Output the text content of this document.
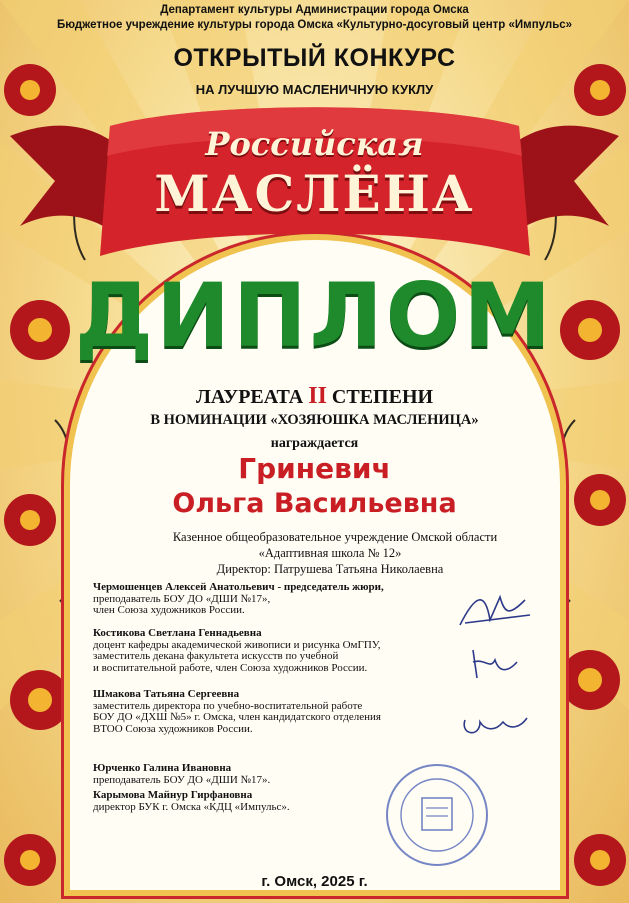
Департамент культуры Администрации города Омска
Бюджетное учреждение культуры города Омска «Культурно-досуговый центр «Импульс»
ОТКРЫТЫЙ КОНКУРС
НА ЛУЧШУЮ МАСЛЕНИЧНУЮ КУКЛУ
Российская
МАСЛЁНА
ДИПЛОМ
ЛАУРЕАТА II СТЕПЕНИ
В НОМИНАЦИИ «ХОЗЯЮШКА МАСЛЕНИЦА»
награждается
Гриневич
Ольга Васильевна
Казенное общеобразовательное учреждение Омской области
«Адаптивная школа № 12»
Директор: Патрушева Татьяна Николаевна
Чермошенцев Алексей Анатольевич - председатель жюри,
преподаватель БОУ ДО «ДШИ №17»,
член Союза художников России.
Костикова Светлана Геннадьевна
доцент кафедры академической живописи и рисунка ОмГПУ,
заместитель декана факультета искусств по учебной
и воспитательной работе, член Союза художников России.
Шмакова Татьяна Сергеевна
заместитель директора по учебно-воспитательной работе
БОУ ДО «ДХШ №5» г. Омска, член кандидатского отделения
ВТОО Союза художников России.
Юрченко Галина Ивановна
преподаватель БОУ ДО «ДШИ №17».
Карымова Майнур Гирфановна
директор БУК г. Омска «КДЦ «Импульс».
г. Омск, 2025 г.
